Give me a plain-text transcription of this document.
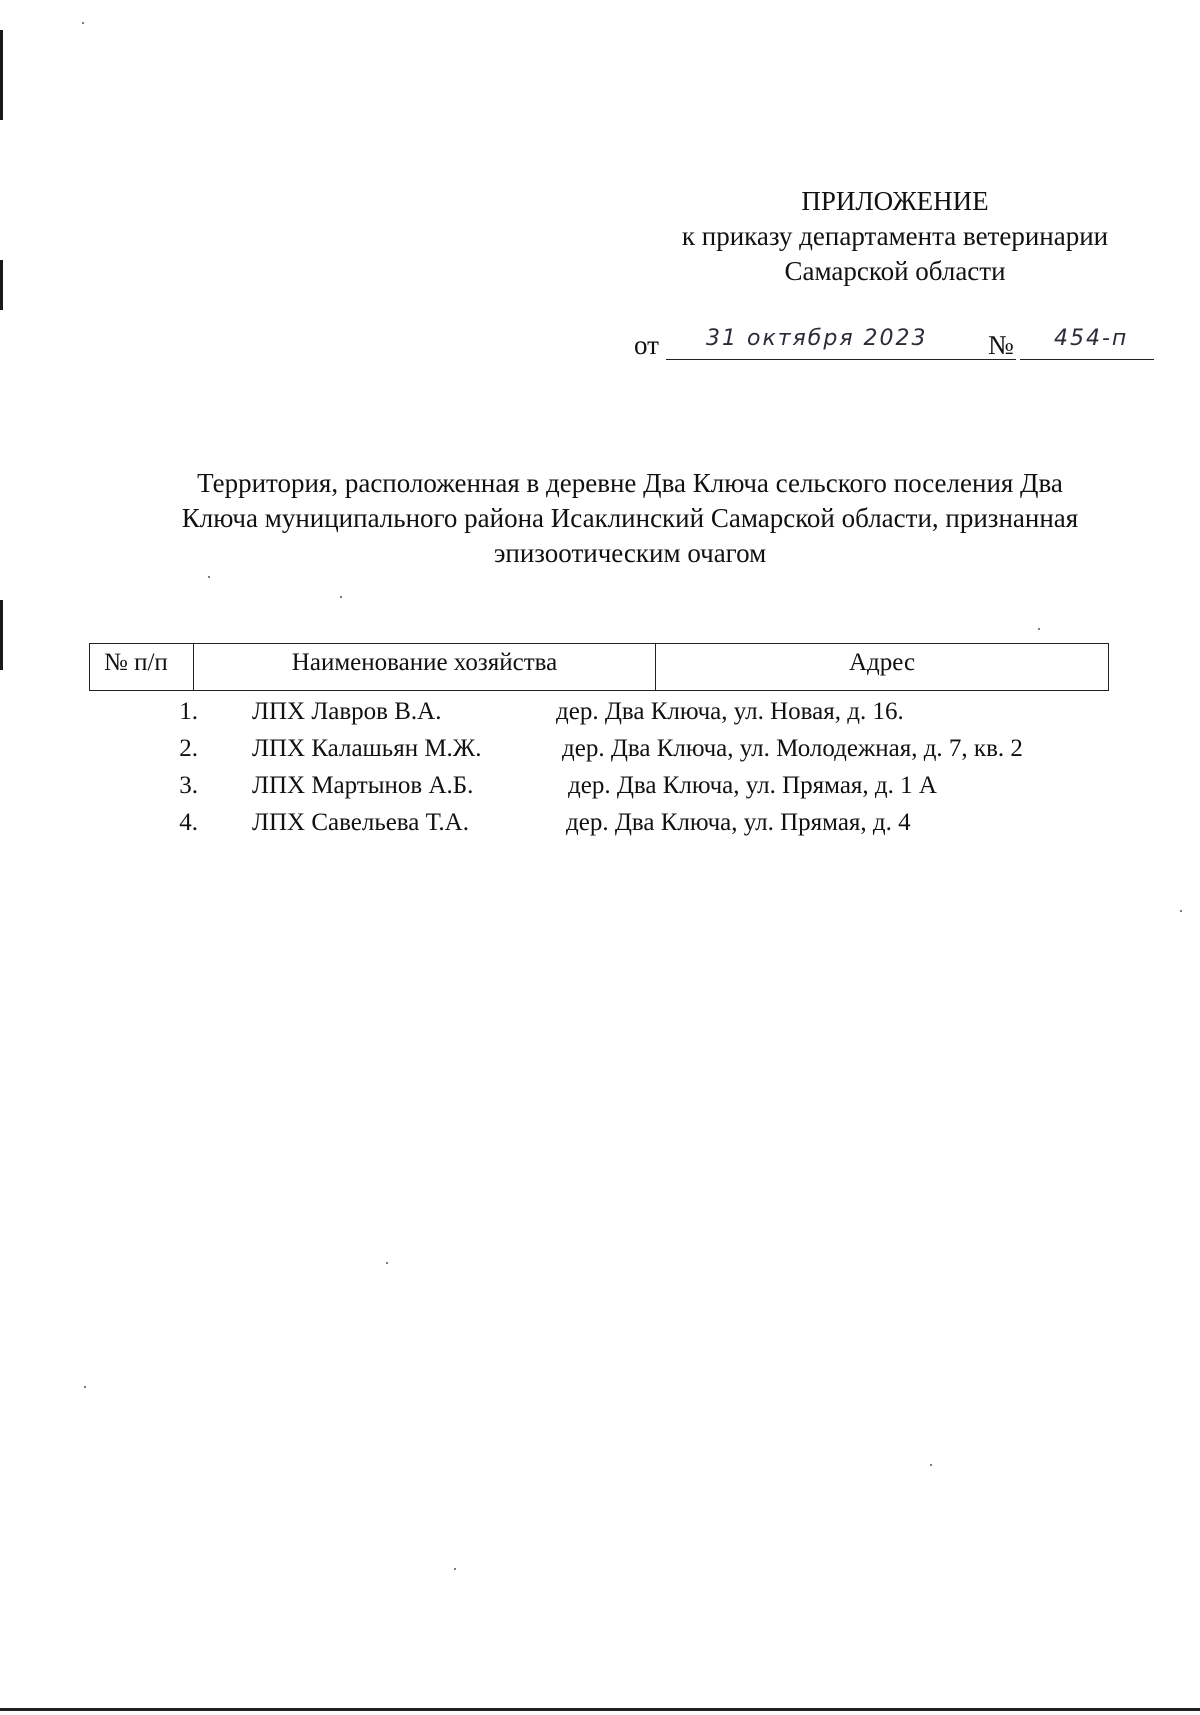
ПРИЛОЖЕНИЕ
к приказу департамента ветеринарии
Самарской области
от	31 октября 2023	№	454-п
Территория, расположенная в деревне Два Ключа сельского поселения Два
Ключа муниципального района Исаклинский Самарской области, признанная
эпизоотическим очагом
№ п/п	Наименование хозяйства	Адрес
1. ЛПХ Лавров В.А.	дер. Два Ключа, ул. Новая, д. 16.
2. ЛПХ Калашьян М.Ж.	дер. Два Ключа, ул. Молодежная, д. 7, кв. 2
3. ЛПХ Мартынов А.Б.	дер. Два Ключа, ул. Прямая, д. 1 А
4. ЛПХ Савельева Т.А.	дер. Два Ключа, ул. Прямая, д. 4
